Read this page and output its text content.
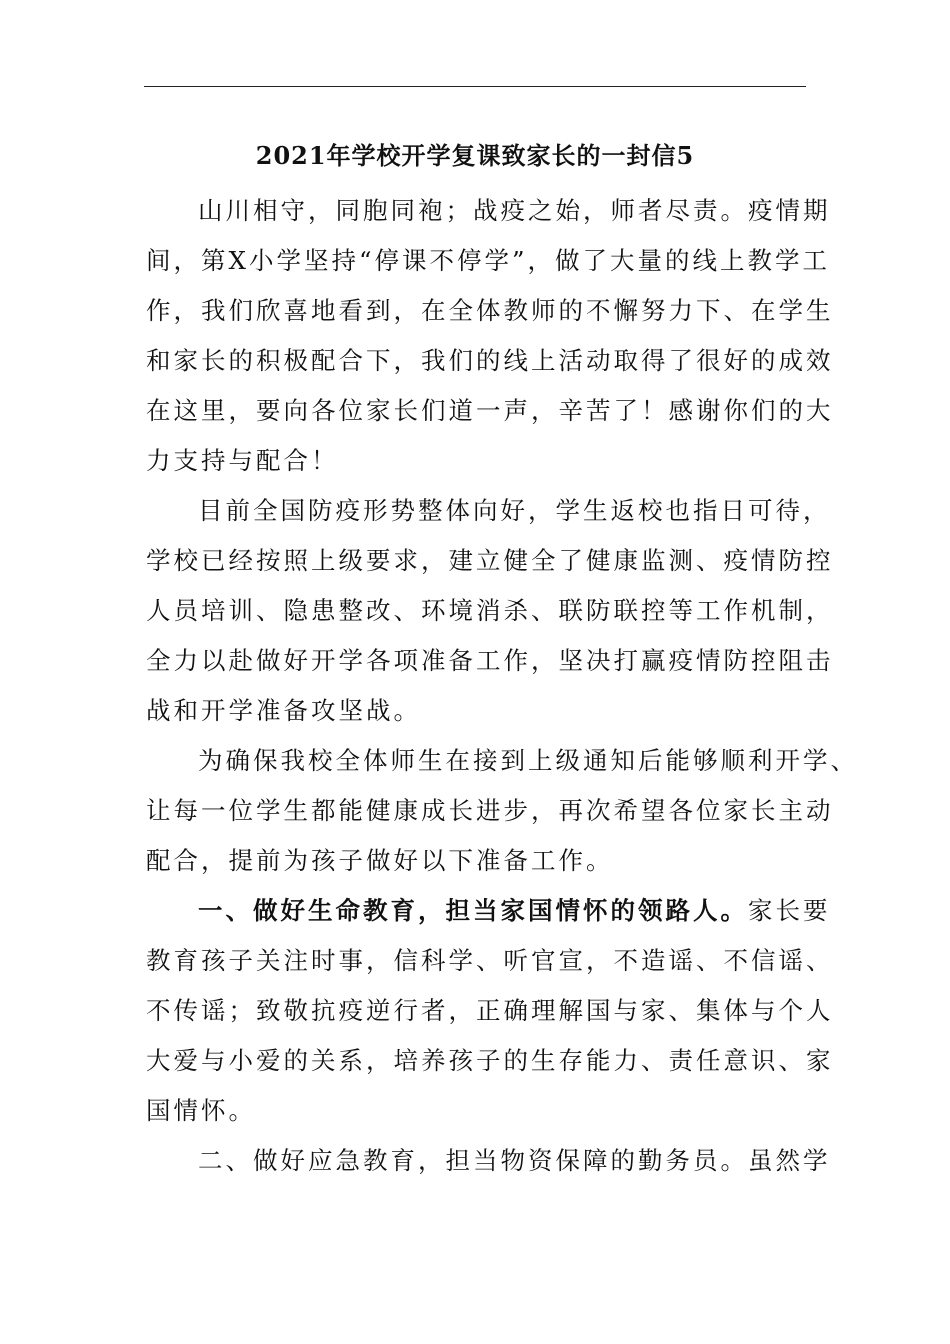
2021年学校开学复课致家长的一封信5

山川相守，同胞同袍；战疫之始，师者尽责。疫情期
间，第X小学坚持“停课不停学”，做了大量的线上教学工
作，我们欣喜地看到，在全体教师的不懈努力下、在学生
和家长的积极配合下，我们的线上活动取得了很好的成效
在这里，要向各位家长们道一声，辛苦了！感谢你们的大
力支持与配合！

目前全国防疫形势整体向好，学生返校也指日可待，
学校已经按照上级要求，建立健全了健康监测、疫情防控
人员培训、隐患整改、环境消杀、联防联控等工作机制，
全力以赴做好开学各项准备工作，坚决打赢疫情防控阻击
战和开学准备攻坚战。

为确保我校全体师生在接到上级通知后能够顺利开学、
让每一位学生都能健康成长进步，再次希望各位家长主动
配合，提前为孩子做好以下准备工作。

一、做好生命教育，担当家国情怀的领路人。家长要
教育孩子关注时事，信科学、听官宣，不造谣、不信谣、
不传谣；致敬抗疫逆行者，正确理解国与家、集体与个人
大爱与小爱的关系，培养孩子的生存能力、责任意识、家
国情怀。

二、做好应急教育，担当物资保障的勤务员。虽然学
